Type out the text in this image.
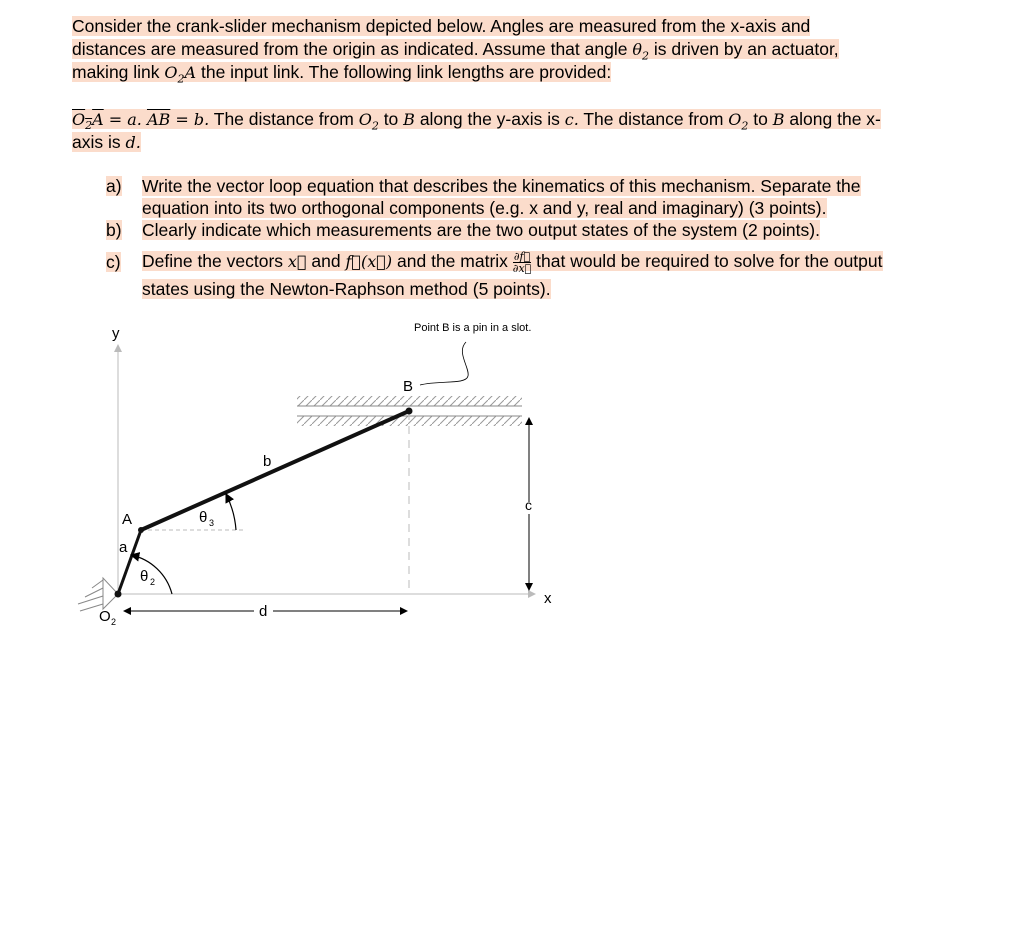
Consider the crank-slider mechanism depicted below. Angles are measured from the x-axis and
distances are measured from the origin as indicated. Assume that angle $\theta_2$ is driven by an actuator,
making link $O_2A$ the input link. The following link lengths are provided:
$O_2A = a$. $\overline{AB} = b$. The distance from $O_2$ to B along the y-axis is c. The distance from $O_2$ to B along the x-
axis is d.
a) Write the vector loop equation that describes the kinematics of this mechanism. Separate the
equation into its two orthogonal components (e.g. x and y, real and imaginary) (3 points).
b) Clearly indicate which measurements are the two output states of the system (2 points).
c) Define the vectors x⃗ and f⃗(x⃗) and the matrix $\frac{\partial f⃗}{\partial x⃗}$ that would be required to solve for the output
states using the Newton-Raphson method (5 points).
y
x
c
d
B
A
a
b
θ 3
θ 2
O 2
Point B is a pin in a slot.
